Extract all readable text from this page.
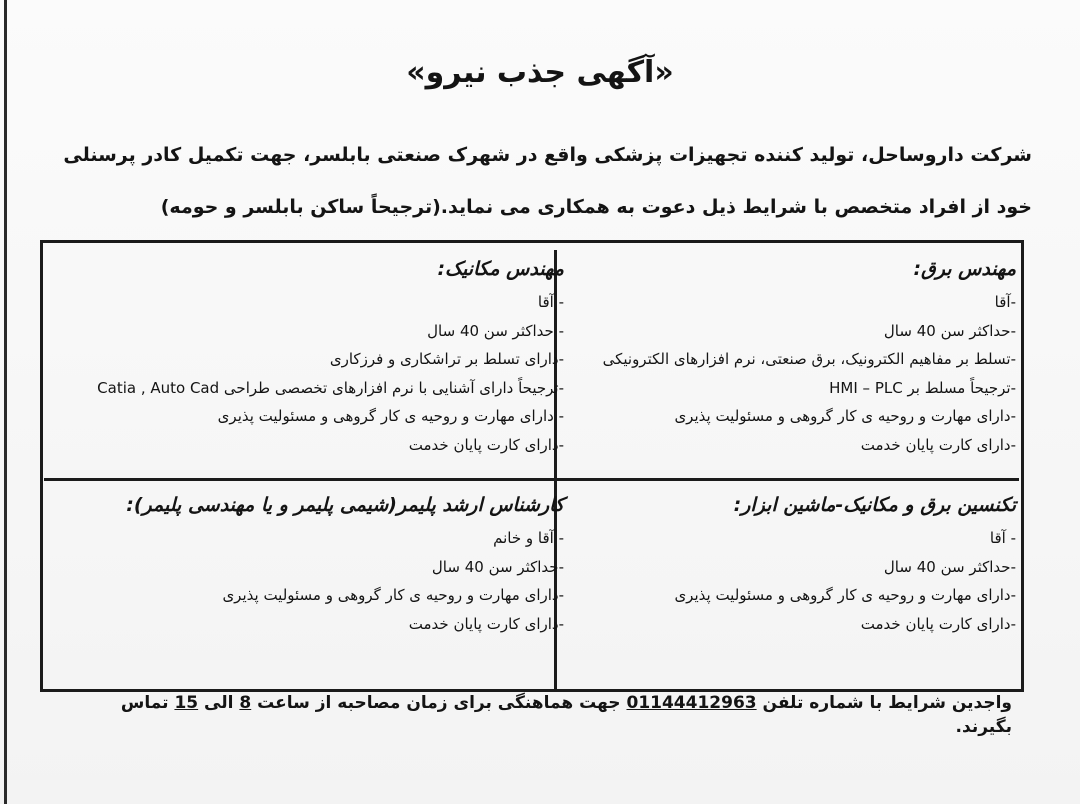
«آگهی جذب نیرو»
شرکت داروساحل، تولید کننده تجهیزات پزشکی واقع در شهرک صنعتی بابلسر، جهت تکمیل کادر پرسنلی
خود از افراد متخصص با شرایط ذیل دعوت به همکاری می نماید.(ترجیحاً ساکن بابلسر و حومه)
مهندس برق:
-آقا
-حداکثر سن 40 سال
-تسلط بر مفاهیم الکترونیک، برق صنعتی، نرم افزارهای الکترونیکی
-ترجیحاً مسلط بر HMI – PLC
-دارای مهارت و روحیه ی کار گروهی و مسئولیت پذیری
-دارای کارت پایان خدمت
مهندس مکانیک:
- آقا
- حداکثر سن 40 سال
-دارای تسلط بر تراشکاری و فرزکاری
-ترجیحاً دارای آشنایی با نرم افزارهای تخصصی طراحی Catia , Auto Cad
- دارای مهارت و روحیه ی کار گروهی و مسئولیت پذیری
-دارای کارت پایان خدمت
تکنسین برق و مکانیک-ماشین ابزار:
- آقا
-حداکثر سن 40 سال
-دارای مهارت و روحیه ی کار گروهی و مسئولیت پذیری
-دارای کارت پایان خدمت
کارشناس ارشد پلیمر(شیمی پلیمر و یا مهندسی پلیمر):
- آقا و خانم
-حداکثر سن 40 سال
-دارای مهارت و روحیه ی کار گروهی و مسئولیت پذیری
-دارای کارت پایان خدمت
واجدین شرایط با شماره تلفن 01144412963 جهت هماهنگی برای زمان مصاحبه از ساعت 8 الی 15 تماس
بگیرند.
